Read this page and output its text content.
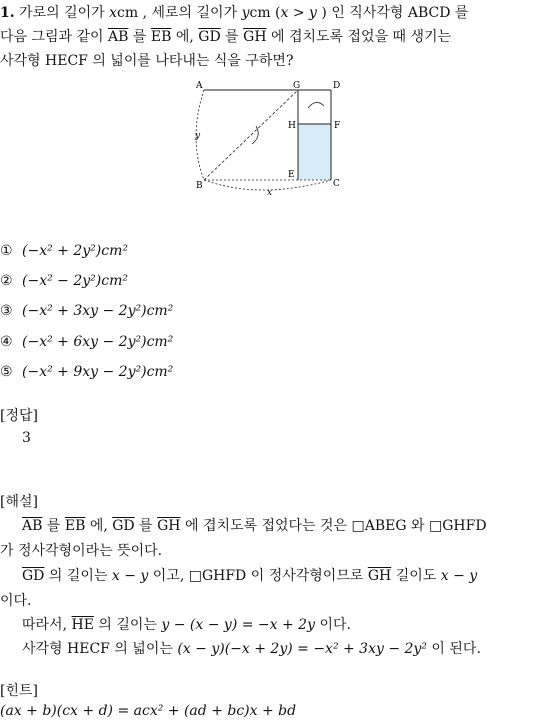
1. 가로의 길이가 xcm , 세로의 길이가 ycm (x > y ) 인 직사각형 ABCD 를
다음 그림과 같이 $\overline{AB}$ 를 $\overline{EB}$ 에, $\overline{GD}$ 를 $\overline{GH}$ 에 겹치도록 접었을 때 생기는
사각형 HECF 의 넓이를 나타내는 식을 구하면?
A	G	D
H	F
B
E
C
y
x
① (−x² + 2y²)cm²
② (−x² − 2y²)cm²
③ (−x² + 3xy − 2y²)cm²
④ (−x² + 6xy − 2y²)cm²
⑤ (−x² + 9xy − 2y²)cm²
[정답]
3
[해설]
$\overline{AB}$ 를 $\overline{EB}$ 에, $\overline{GD}$ 를 $\overline{GH}$ 에 겹치도록 접었다는 것은 □ABEG 와 □GHFD
가 정사각형이라는 뜻이다.
$\overline{GD}$ 의 길이는 x − y 이고, □GHFD 이 정사각형이므로 $\overline{GH}$ 길이도 x − y
이다.
따라서, $\overline{HE}$ 의 길이는 y − (x − y) = −x + 2y 이다.
사각형 HECF 의 넓이는 (x − y)(−x + 2y) = −x² + 3xy − 2y² 이 된다.
[힌트]
(ax + b)(cx + d) = acx² + (ad + bc)x + bd
